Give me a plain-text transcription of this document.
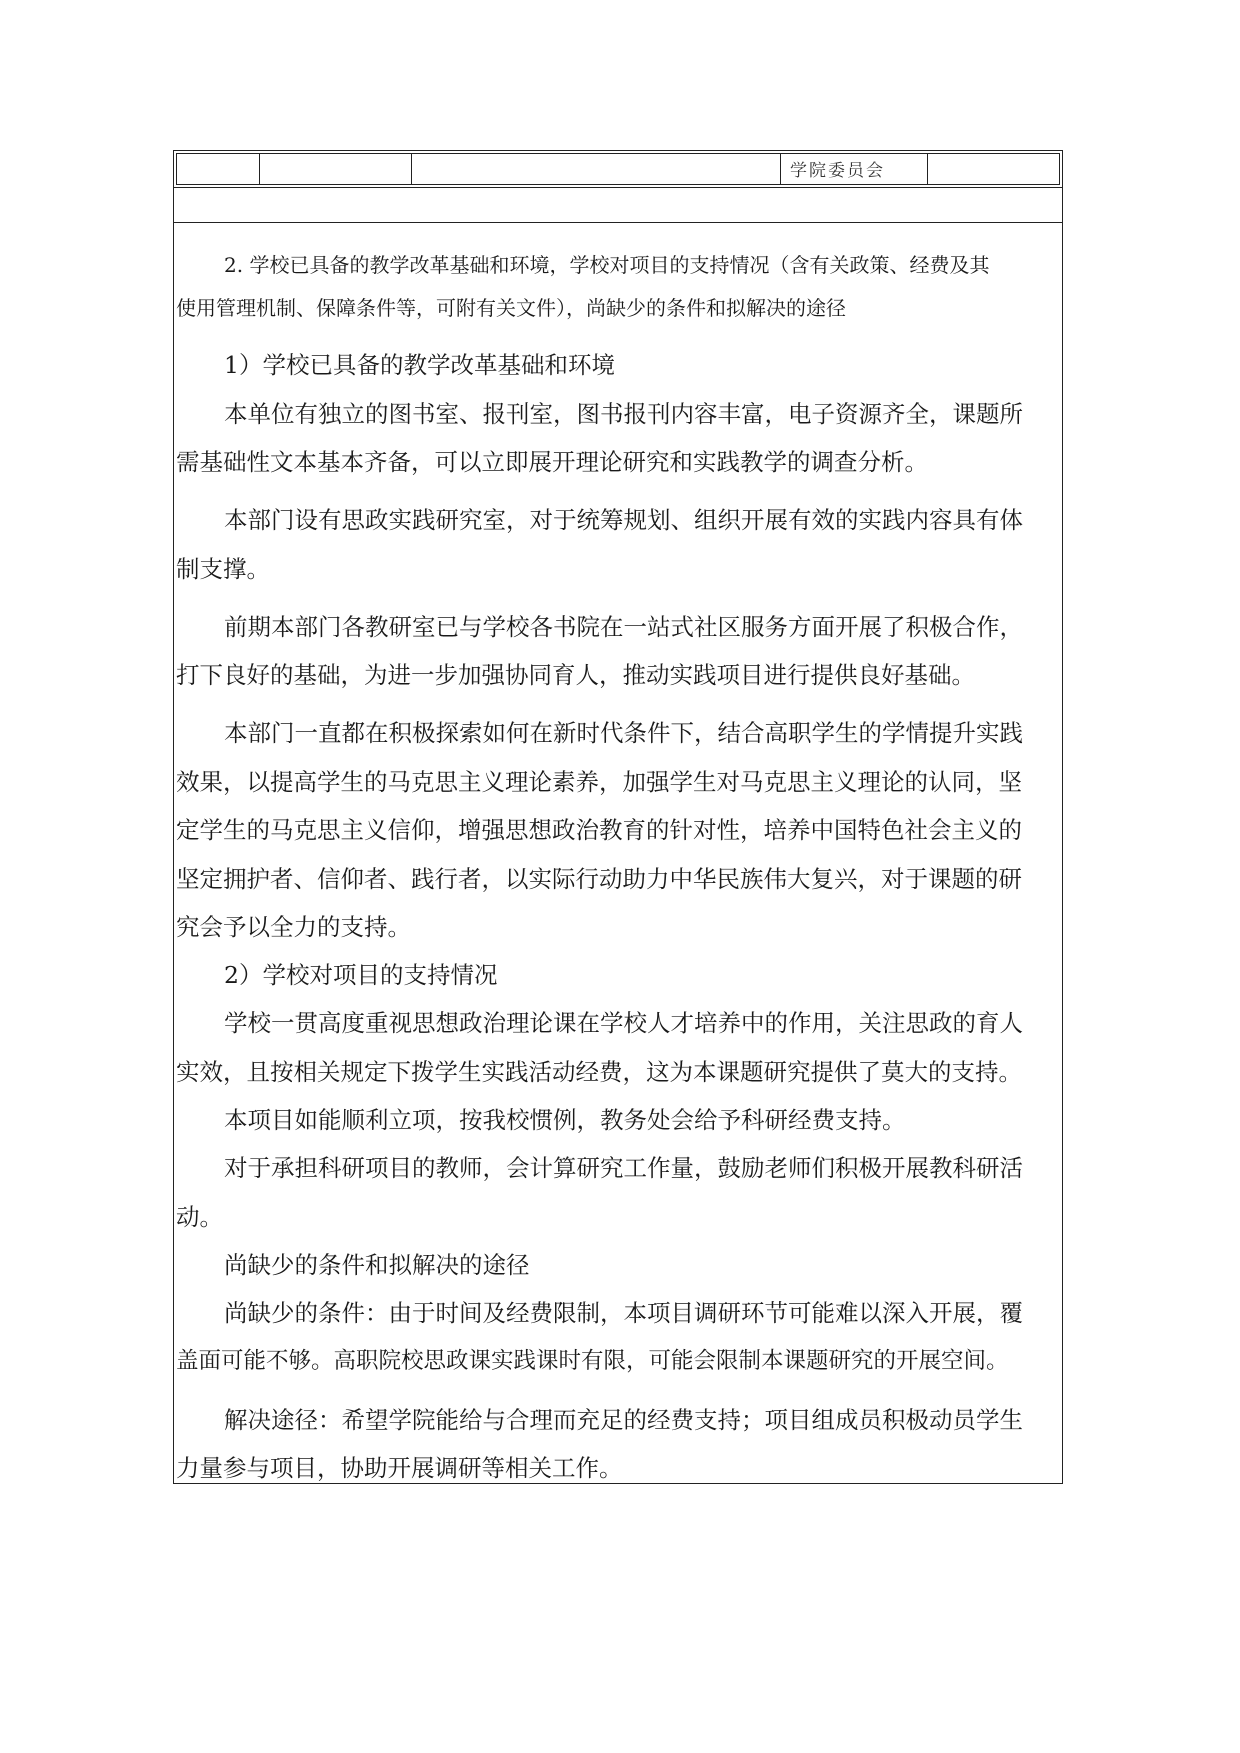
学院委员会
2. 学校已具备的教学改革基础和环境，学校对项目的支持情况（含有关政策、经费及其
使用管理机制、保障条件等，可附有关文件），尚缺少的条件和拟解决的途径
1）学校已具备的教学改革基础和环境
本单位有独立的图书室、报刊室，图书报刊内容丰富，电子资源齐全，课题所
需基础性文本基本齐备，可以立即展开理论研究和实践教学的调查分析。
本部门设有思政实践研究室，对于统筹规划、组织开展有效的实践内容具有体
制支撑。
前期本部门各教研室已与学校各书院在一站式社区服务方面开展了积极合作，
打下良好的基础，为进一步加强协同育人，推动实践项目进行提供良好基础。
本部门一直都在积极探索如何在新时代条件下，结合高职学生的学情提升实践
效果，以提高学生的马克思主义理论素养，加强学生对马克思主义理论的认同，坚
定学生的马克思主义信仰，增强思想政治教育的针对性，培养中国特色社会主义的
坚定拥护者、信仰者、践行者，以实际行动助力中华民族伟大复兴，对于课题的研
究会予以全力的支持。
2）学校对项目的支持情况
学校一贯高度重视思想政治理论课在学校人才培养中的作用，关注思政的育人
实效，且按相关规定下拨学生实践活动经费，这为本课题研究提供了莫大的支持。
本项目如能顺利立项，按我校惯例，教务处会给予科研经费支持。
对于承担科研项目的教师，会计算研究工作量，鼓励老师们积极开展教科研活
动。
尚缺少的条件和拟解决的途径
尚缺少的条件：由于时间及经费限制，本项目调研环节可能难以深入开展，覆
盖面可能不够。高职院校思政课实践课时有限，可能会限制本课题研究的开展空间。
解决途径：希望学院能给与合理而充足的经费支持；项目组成员积极动员学生
力量参与项目，协助开展调研等相关工作。
